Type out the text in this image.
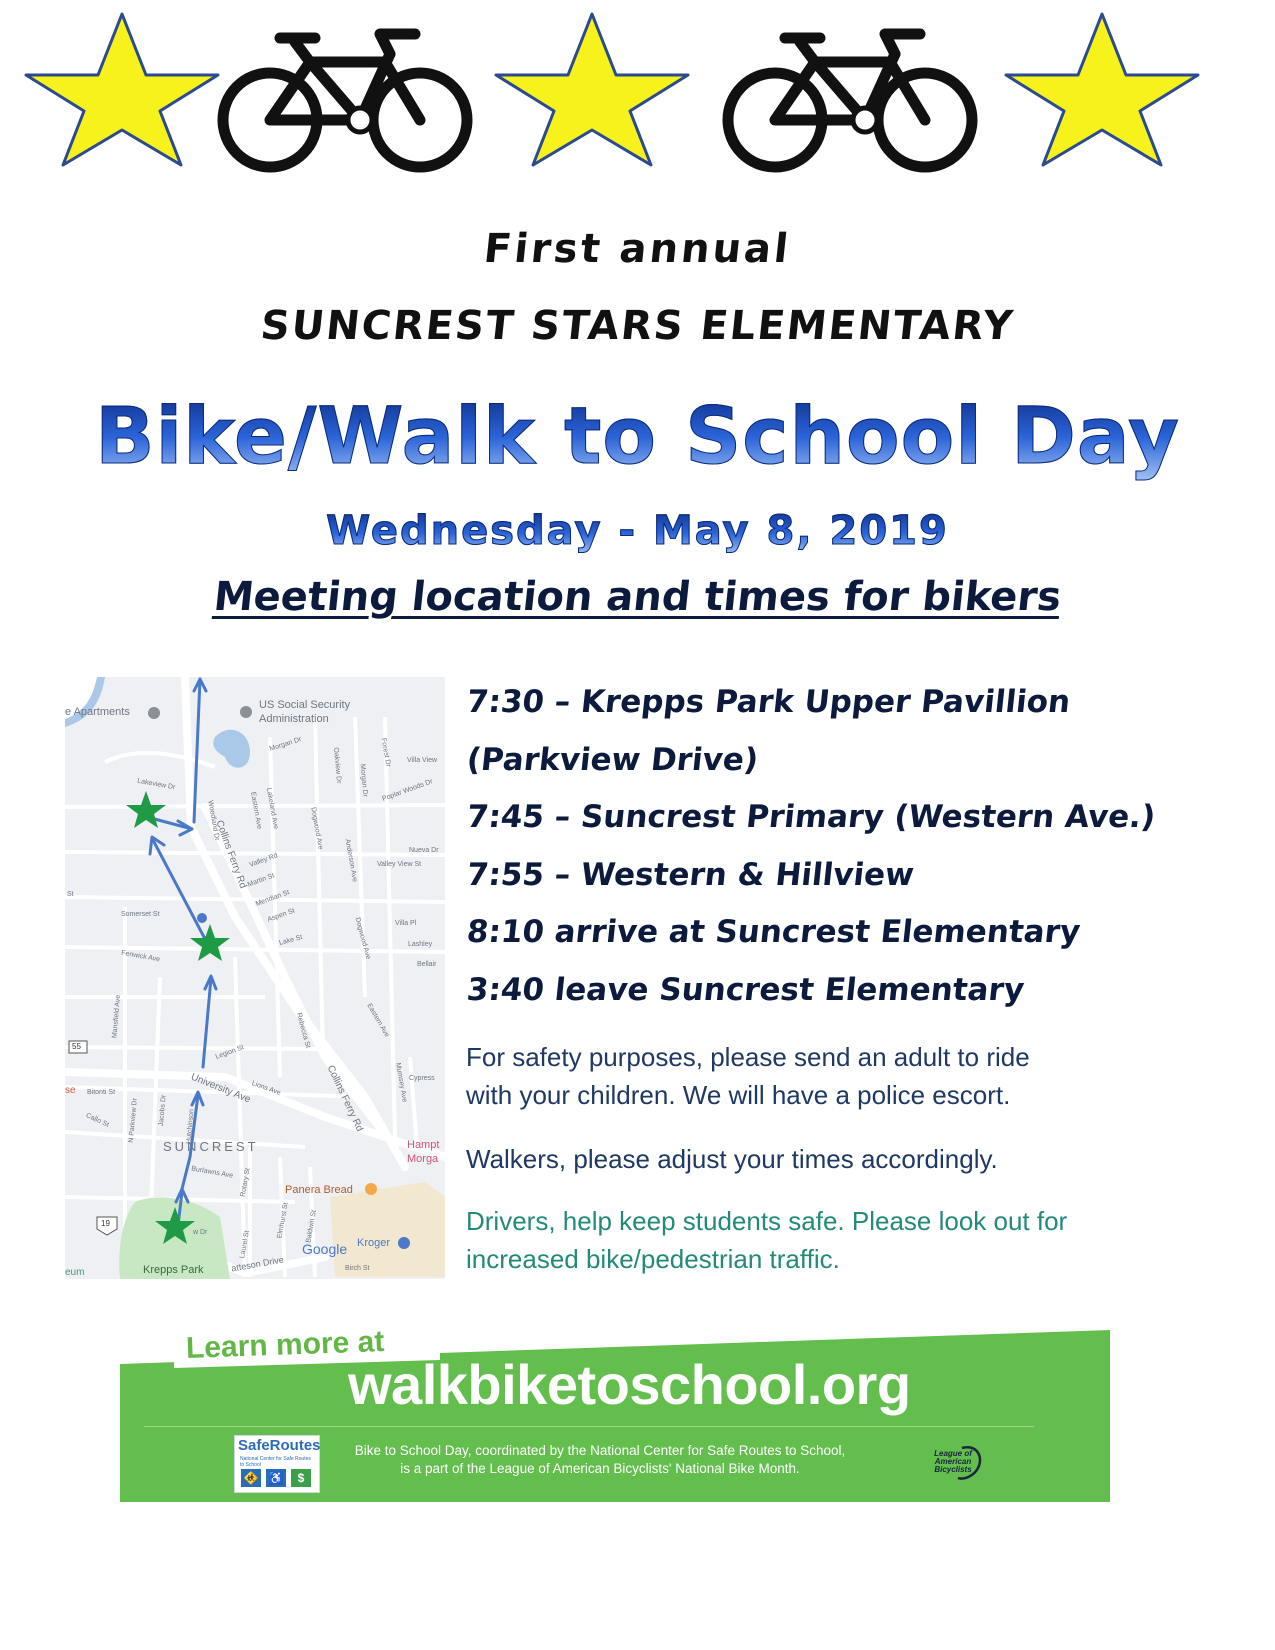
First annual
SUNCREST STARS ELEMENTARY
Bike/Walk to School Day
Wednesday - May 8, 2019
Meeting location and times for bikers
e Apartments
US Social Security
Administration
Morgan Dr
Villa View
Poplar Woods Dr
Forest Dr
Morgan Dr
Oakview Dr
Lakeview Dr
Lakeland Ave
Eastern Ave
Woodland Dr	Dogwood Ave
Collins Ferry Rd Valley Rd	Anderson Ave	Nueva Dr
Valley View St
Martin St
Meridian St
Aspen St
St
Somerset St
Villa Pl
Lake St	Dogwood Ave	Lashley
Fenwick Ave
Bellair
Mansfield Ave	Rebecca St	Eastern Ave
55	Legion St
Lions Ave
University Ave	Collins Ferry Rd	Mumsey Ave Cypress
se Bitonti St
N Parkview Dr	Jacobs Dr	Hutchinson
Callo St
SUNCREST	Hampt
Morga
Burlawns Ave Rotary St	Panera Bread
Elmhurst St Baldwin St
19
Google Kroger
w Dr	Laurel St
eum	Krepps Park	atteson Drive	Birch St
7:30 – Krepps Park Upper Pavillion
(Parkview Drive)
7:45 – Suncrest Primary (Western Ave.)
7:55 – Western & Hillview
8:10 arrive at Suncrest Elementary
3:40 leave Suncrest Elementary
For safety purposes, please send an adult to ride
with your children. We will have a police escort.
Walkers, please adjust your times accordingly.
Drivers, help keep students safe. Please look out for
increased bike/pedestrian traffic.
Learn more at
walkbiketoschool.org
SafeRoutes
National Center for Safe Routes to School
🚸 ♿	$
Bike to School Day, coordinated by the National Center for Safe Routes to School,
is a part of the League of American Bicyclists' National Bike Month.
League of
American
Bicyclists
